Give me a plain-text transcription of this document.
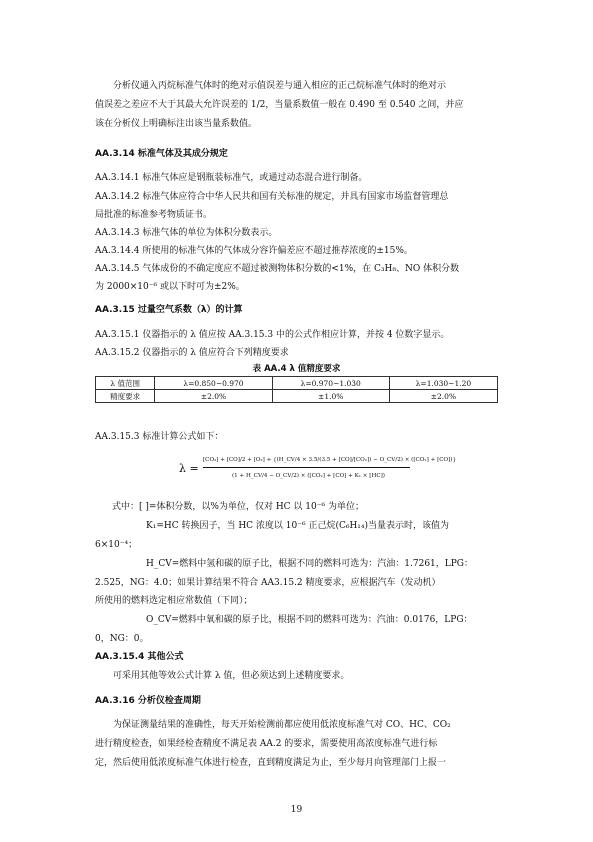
分析仪通入丙烷标准气体时的绝对示值误差与通入相应的正己烷标准气体时的绝对示
值误差之差应不大于其最大允许误差的 1/2，当量系数值一般在 0.490 至 0.540 之间，并应
该在分析仪上明确标注出该当量系数值。
AA.3.14 标准气体及其成分规定
AA.3.14.1 标准气体应是钢瓶装标准气，或通过动态混合进行制备。
AA.3.14.2 标准气体应符合中华人民共和国有关标准的规定，并具有国家市场监督管理总
局批准的标准参考物质证书。
AA.3.14.3 标准气体的单位为体积分数表示。
AA.3.14.4 所使用的标准气体的气体成分容许偏差应不超过推荐浓度的±15%。
AA.3.14.5 气体成份的不确定度应不超过被测物体积分数的<1%，在 C₃H₈、NO 体积分数
为 2000×10⁻⁶ 或以下时可为±2%。
AA.3.15 过量空气系数（λ）的计算
AA.3.15.1 仪器指示的 λ 值应按 AA.3.15.3 中的公式作相应计算，并按 4 位数字显示。
AA.3.15.2 仪器指示的 λ 值应符合下列精度要求
表 AA.4 λ 值精度要求
λ 值范围	λ=0.850~0.970	λ=0.970~1.030	λ=1.030~1.20
精度要求	±2.0%	±1.0%	±2.0%
AA.3.15.3 标准计算公式如下：
λ =
[CO₂] + [CO]/2 + [O₂] + {(H_CV/4 × 3.5/(3.5 + [CO]/[CO₂]) − O_CV/2) × ([CO₂] + [CO])}
(1 + H_CV/4 − O_CV/2) × ([CO₂] + [CO] + K₁ × [HC])
式中：[ ]=体积分数，以%为单位，仅对 HC 以 10⁻⁶ 为单位；
K₁=HC 转换因子，当 HC 浓度以 10⁻⁶ 正己烷(C₆H₁₄)当量表示时，该值为
6×10⁻⁴；
H_CV=燃料中氢和碳的原子比，根据不同的燃料可选为：汽油：1.7261，LPG：
2.525，NG：4.0；如果计算结果不符合 AA3.15.2 精度要求，应根据汽车（发动机）
所使用的燃料选定相应常数值（下同）；
O_CV=燃料中氧和碳的原子比，根据不同的燃料可选为：汽油：0.0176，LPG：
0，NG：0。
AA.3.15.4 其他公式
可采用其他等效公式计算 λ 值，但必须达到上述精度要求。
AA.3.16 分析仪检查周期
为保证测量结果的准确性，每天开始检测前都应使用低浓度标准气对 CO、HC、CO₂
进行精度检查，如果经检查精度不满足表 AA.2 的要求，需要使用高浓度标准气进行标
定，然后使用低浓度标准气体进行检查，直到精度满足为止，至少每月向管理部门上报一
19
